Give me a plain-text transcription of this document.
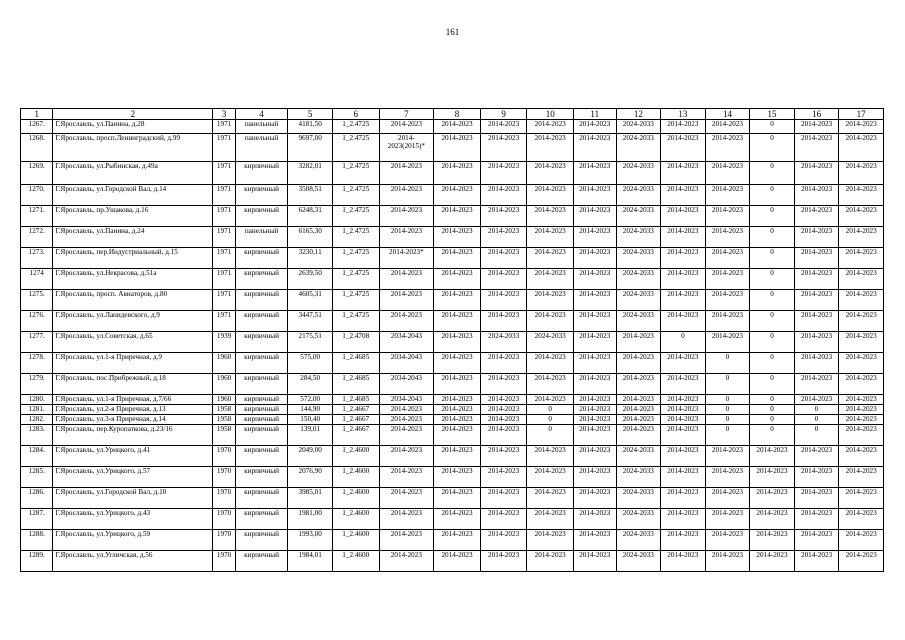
161
1	2	3	4	5	6	7	8	9	10	11	12	13	14	15	16	17
1267.	Г.Ярославль, ул.Панина, д.28	1971	панельный	4181,50	1_2.4725	2014-2023	2014-2023	2014-2023	2014-2023	2014-2023	2024-2033	2014-2023	2014-2023	0	2014-2023	2014-2023
1268.	Г.Ярославль, просп.Ленинградский, д.99	1971	панельный	9697,00	1_2.4725	2014-2023(2015)*	2014-2023	2014-2023	2014-2023	2014-2023	2024-2033	2014-2023	2014-2023	0	2014-2023	2014-2023
1269.	Г.Ярославль, ул.Рыбинская, д.49а	1971	кирпичный	3282,01	1_2.4725	2014-2023	2014-2023	2014-2023	2014-2023	2014-2023	2024-2033	2014-2023	2014-2023	0	2014-2023	2014-2023
1270.	Г.Ярославль, ул.Городской Вал, д.14	1971	кирпичный	3508,51	1_2.4725	2014-2023	2014-2023	2014-2023	2014-2023	2014-2023	2024-2033	2014-2023	2014-2023	0	2014-2023	2014-2023
1271.	Г.Ярославль, пр.Ушакова, д.16	1971	кирпичный	6248,31	1_2.4725	2014-2023	2014-2023	2014-2023	2014-2023	2014-2023	2024-2033	2014-2023	2014-2023	0	2014-2023	2014-2023
1272.	Г.Ярославль, ул.Панина, д.24	1971	панельный	6165,30	1_2.4725	2014-2023	2014-2023	2014-2023	2014-2023	2014-2023	2024-2033	2014-2023	2014-2023	0	2014-2023	2014-2023
1273.	Г.Ярославль, пер.Индустриальный, д.15	1971	кирпичный	3230,11	1_2.4725	2014-2023*	2014-2023	2014-2023	2014-2023	2014-2023	2024-2033	2014-2023	2014-2023	0	2014-2023	2014-2023
1274	Г.Ярославль, ул.Некрасова, д.51а	1971	кирпичный	2639,50	1_2.4725	2014-2023	2014-2023	2014-2023	2014-2023	2014-2023	2024-2033	2014-2023	2014-2023	0	2014-2023	2014-2023
1275.	Г.Ярославль, просп. Авиаторов, д.80	1971	кирпичный	4605,31	1_2.4725	2014-2023	2014-2023	2014-2023	2014-2023	2014-2023	2024-2033	2014-2023	2014-2023	0	2014-2023	2014-2023
1276.	Г.Ярославль, ул.Лапидевского, д.9	1971	кирпичный	3447,51	1_2.4725	2014-2023	2014-2023	2014-2023	2014-2023	2014-2023	2024-2033	2014-2023	2014-2023	0	2014-2023	2014-2023
1277.	Г.Ярославль, ул.Советская, д.65	1939	кирпичный	2175,51	1_2.4708	2034-2043	2014-2023	2024-2033	2024-2033	2014-2023	2014-2023	0	2014-2023	0	2014-2023	2014-2023
1278.	Г.Ярославль, ул.1-я Приречная, д.9	1960	кирпичный	575,00	1_2.4685	2034-2043	2014-2023	2014-2023	2014-2023	2014-2023	2014-2023	2014-2023	0	0	2014-2023	2014-2023
1279.	Г.Ярославль, пос.Прибрежный, д.18	1960	кирпичный	284,50	1_2.4685	2034-2043	2014-2023	2014-2023	2014-2023	2014-2023	2014-2023	2014-2023	0	0	2014-2023	2014-2023
1280.	Г.Ярославль, ул.1-я Приречная, д.7/66	1960	кирпичный	572,00	1_2.4685	2034-2043	2014-2023	2014-2023	2014-2023	2014-2023	2014-2023	2014-2023	0	0	2014-2023	2014-2023
1281.	Г.Ярославль, ул.2-я Приречная, д.13	1958	кирпичный	144,90	1_2.4667	2014-2023	2014-2023	2014-2023	0	2014-2023	2014-2023	2014-2023	0	0	0	2014-2023
1282.	Г.Ярославль, ул.3-я Приречная, д.14	1958	кирпичный	150,40	1_2.4667	2014-2023	2014-2023	2014-2023	0	2014-2023	2014-2023	2014-2023	0	0	0	2014-2023
1283.	Г.Ярославль, пер.Куропаткова, д.23/16	1958	кирпичный	139,01	1_2.4667	2014-2023	2014-2023	2014-2023	0	2014-2023	2014-2023	2014-2023	0	0	0	2014-2023
1284.	Г.Ярославль, ул.Урицкого, д.41	1970	кирпичный	2049,00	1_2.4600	2014-2023	2014-2023	2014-2023	2014-2023	2014-2023	2024-2033	2014-2023	2014-2023	2014-2023	2014-2023	2014-2023
1285.	Г.Ярославль, ул.Урицкого, д.57	1970	кирпичный	2076,90	1_2.4600	2014-2023	2014-2023	2014-2023	2014-2023	2014-2023	2024-2033	2014-2023	2014-2023	2014-2023	2014-2023	2014-2023
1286.	Г.Ярославль, ул.Городской Вал, д.10	1970	кирпичный	3985,01	1_2.4600	2014-2023	2014-2023	2014-2023	2014-2023	2014-2023	2024-2033	2014-2023	2014-2023	2014-2023	2014-2023	2014-2023
1287.	Г.Ярославль, ул.Урицкого, д.43	1970	кирпичный	1981,00	1_2.4600	2014-2023	2014-2023	2014-2023	2014-2023	2014-2023	2024-2033	2014-2023	2014-2023	2014-2023	2014-2023	2014-2023
1288.	Г.Ярославль, ул.Урицкого, д.59	1970	кирпичный	1993,00	1_2.4600	2014-2023	2014-2023	2014-2023	2014-2023	2014-2023	2024-2033	2014-2023	2014-2023	2014-2023	2014-2023	2014-2023
1289.	Г.Ярославль, ул.Угличская, д.56	1970	кирпичный	1984,01	1_2.4600	2014-2023	2014-2023	2014-2023	2014-2023	2014-2023	2024-2033	2014-2023	2014-2023	2014-2023	2014-2023	2014-2023
